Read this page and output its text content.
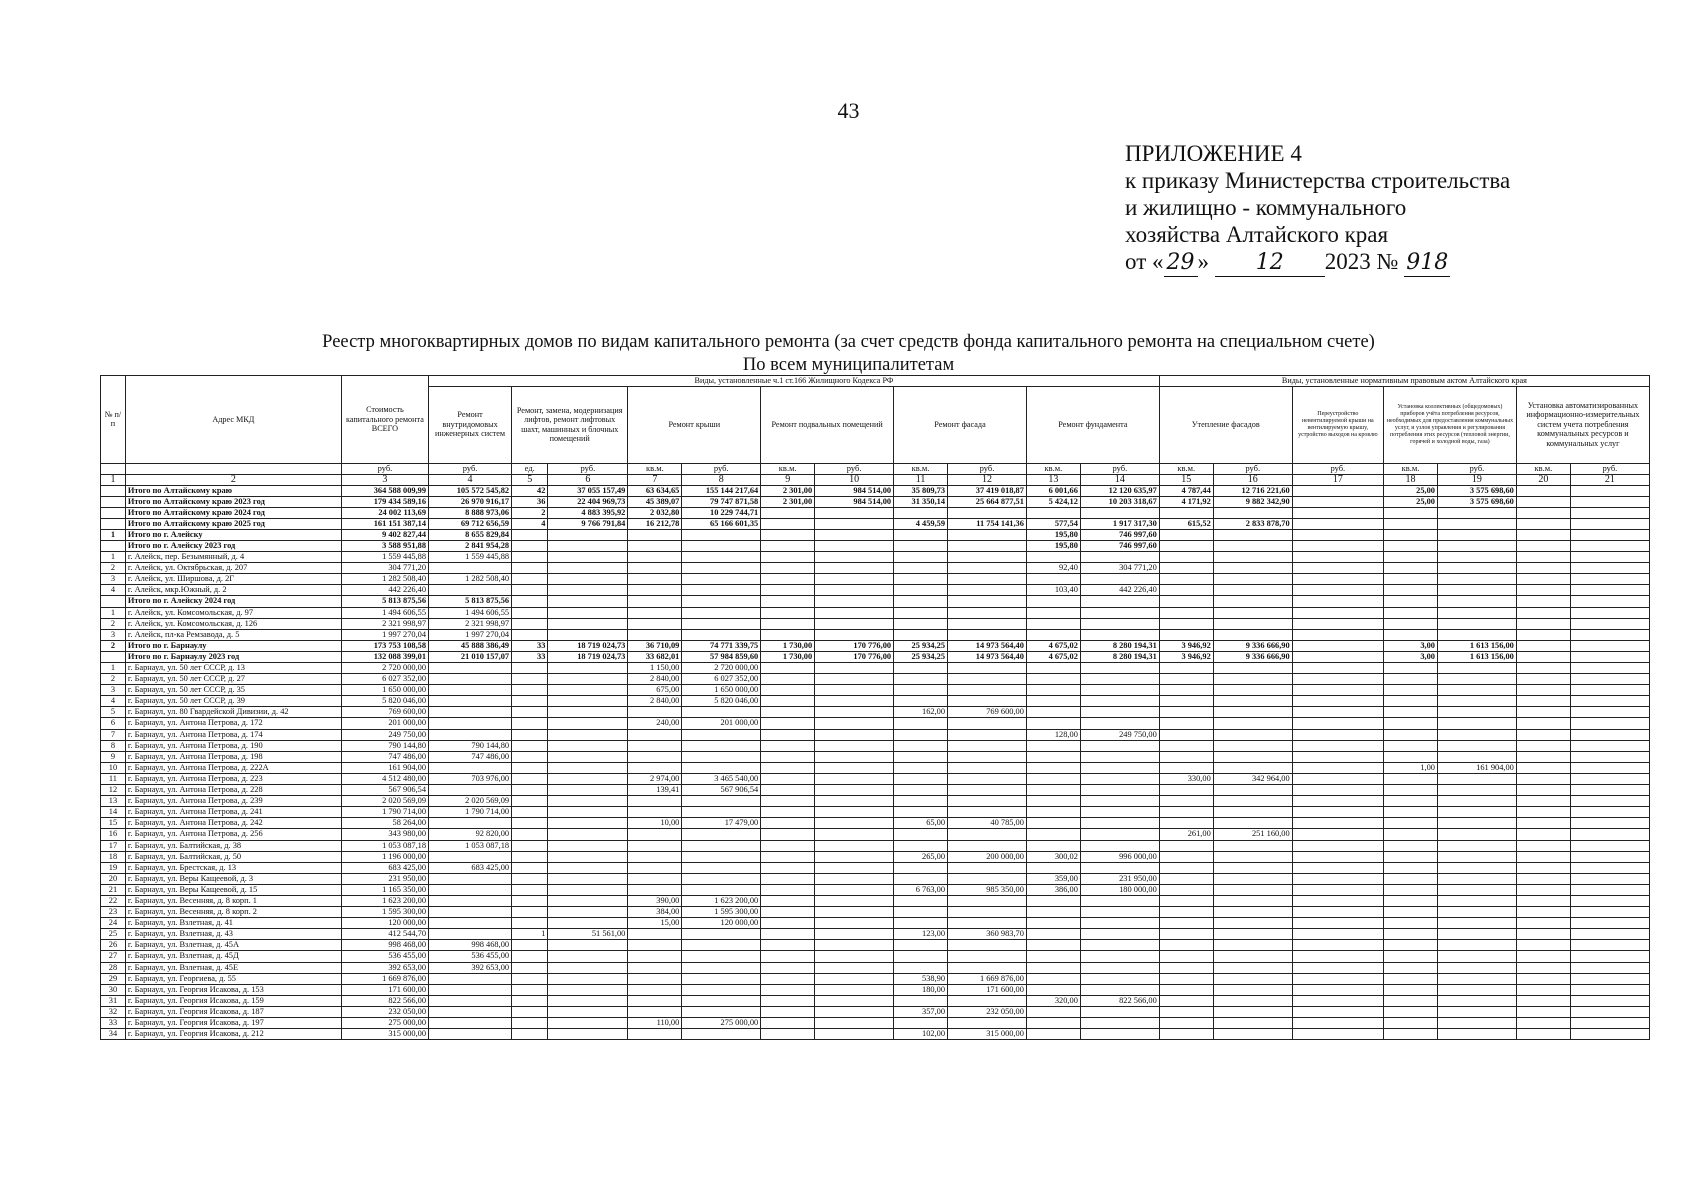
43
ПРИЛОЖЕНИЕ 4
к приказу Министерства строительства
и жилищно - коммунального
хозяйства Алтайского края
от « 29 » 12 2023 № 918
Реестр многоквартирных домов по видам капитального ремонта (за счет средств фонда капитального ремонта на специальном счете)
По всем муниципалитетам
№ п/п	Адрес МКД	Стоимость капитального ремонта ВСЕГО	Виды, установленные ч.1 ст.166 Жилищного Кодекса РФ											Виды, установленные нормативным правовым актом Алтайского края						
			Ремонт внутридомовых инженерных систем	Ремонт, замена, модернизация лифтов, ремонт лифтовых шахт, машинных и блочных помещений		Ремонт крыши		Ремонт подвальных помещений		Ремонт фасада		Ремонт фундамента		Утепление фасадов		Переустройство невентилируемой крыши на вентилируемую крышу, устройство выходов на кровлю	Установка коллективных (общедомовых) приборов учёта потребления ресурсов, необходимых для предоставления коммунальных услуг, и узлов управления и регулирования потребления этих ресурсов (тепловой энергии, горячей и холодной воды, газа)		Установка автоматизированных информационно-измерительных систем учета потребления коммунальных ресурсов и коммунальных услуг	
		руб.	руб.	ед.	руб.	кв.м.	руб.	кв.м.	руб.	кв.м.	руб.	кв.м.	руб.	кв.м.	руб.	руб.	кв.м.	руб.	кв.м.	руб.
1	2	3	4	5	6	7	8	9	10	11	12	13	14	15	16	17	18	19	20	21
	Итого по Алтайскому краю	364 588 009,99	105 572 545,82	42	37 055 157,49	63 634,65	155 144 217,64	2 301,00	984 514,00	35 809,73	37 419 018,87	6 001,66	12 120 635,97	4 787,44	12 716 221,60		25,00	3 575 698,60		
	Итого по Алтайскому краю 2023 год	179 434 589,16	26 970 916,17	36	22 404 969,73	45 389,07	79 747 871,58	2 301,00	984 514,00	31 350,14	25 664 877,51	5 424,12	10 203 318,67	4 171,92	9 882 342,90		25,00	3 575 698,60		
	Итого по Алтайскому краю 2024 год	24 002 113,69	8 888 973,06	2	4 883 395,92	2 032,80	10 229 744,71													
	Итого по Алтайскому краю 2025 год	161 151 387,14	69 712 656,59	4	9 766 791,84	16 212,78	65 166 601,35			4 459,59	11 754 141,36	577,54	1 917 317,30	615,52	2 833 878,70					
1	Итого по г. Алейску	9 402 827,44	8 655 829,84									195,80	746 997,60							
	Итого по г. Алейску 2023 год	3 588 951,88	2 841 954,28									195,80	746 997,60							
1	г. Алейск, пер. Безымянный, д. 4	1 559 445,88	1 559 445,88																	
2	г. Алейск, ул. Октябрьская, д. 207	304 771,20										92,40	304 771,20							
3	г. Алейск, ул. Ширшова, д. 2Г	1 282 508,40	1 282 508,40																	
4	г. Алейск, мкр.Южный, д. 2	442 226,40										103,40	442 226,40							
	Итого по г. Алейску 2024 год	5 813 875,56	5 813 875,56																	
1	г. Алейск, ул. Комсомольская, д. 97	1 494 606,55	1 494 606,55																	
2	г. Алейск, ул. Комсомольская, д. 126	2 321 998,97	2 321 998,97																	
3	г. Алейск, пл-ка Ремзавода, д. 5	1 997 270,04	1 997 270,04																	
2	Итого по г. Барнаулу	173 753 108,58	45 888 386,49	33	18 719 024,73	36 710,09	74 771 339,75	1 730,00	170 776,00	25 934,25	14 973 564,40	4 675,02	8 280 194,31	3 946,92	9 336 666,90		3,00	1 613 156,00		
	Итого по г. Барнаулу 2023 год	132 088 399,01	21 010 157,07	33	18 719 024,73	33 682,01	57 984 859,60	1 730,00	170 776,00	25 934,25	14 973 564,40	4 675,02	8 280 194,31	3 946,92	9 336 666,90		3,00	1 613 156,00		
1	г. Барнаул, ул. 50 лет СССР, д. 13	2 720 000,00				1 150,00	2 720 000,00													
2	г. Барнаул, ул. 50 лет СССР, д. 27	6 027 352,00				2 840,00	6 027 352,00													
3	г. Барнаул, ул. 50 лет СССР, д. 35	1 650 000,00				675,00	1 650 000,00													
4	г. Барнаул, ул. 50 лет СССР, д. 39	5 820 046,00				2 840,00	5 820 046,00													
5	г. Барнаул, ул. 80 Гвардейской Дивизии, д. 42	769 600,00								162,00	769 600,00									
6	г. Барнаул, ул. Антона Петрова, д. 172	201 000,00				240,00	201 000,00													
7	г. Барнаул, ул. Антона Петрова, д. 174	249 750,00										128,00	249 750,00							
8	г. Барнаул, ул. Антона Петрова, д. 190	790 144,80	790 144,80																	
9	г. Барнаул, ул. Антона Петрова, д. 198	747 486,00	747 486,00																	
10	г. Барнаул, ул. Антона Петрова, д. 222А	161 904,00															1,00	161 904,00		
11	г. Барнаул, ул. Антона Петрова, д. 223	4 512 480,00	703 976,00			2 974,00	3 465 540,00							330,00	342 964,00					
12	г. Барнаул, ул. Антона Петрова, д. 228	567 906,54				139,41	567 906,54													
13	г. Барнаул, ул. Антона Петрова, д. 239	2 020 569,09	2 020 569,09																	
14	г. Барнаул, ул. Антона Петрова, д. 241	1 790 714,00	1 790 714,00																	
15	г. Барнаул, ул. Антона Петрова, д. 242	58 264,00				10,00	17 479,00			65,00	40 785,00									
16	г. Барнаул, ул. Антона Петрова, д. 256	343 980,00	92 820,00											261,00	251 160,00					
17	г. Барнаул, ул. Балтийская, д. 38	1 053 087,18	1 053 087,18																	
18	г. Барнаул, ул. Балтийская, д. 50	1 196 000,00								265,00	200 000,00	300,02	996 000,00							
19	г. Барнаул, ул. Брестская, д. 13	683 425,00	683 425,00																	
20	г. Барнаул, ул. Веры Кащеевой, д. 3	231 950,00										359,00	231 950,00							
21	г. Барнаул, ул. Веры Кащеевой, д. 15	1 165 350,00								6 763,00	985 350,00	386,00	180 000,00							
22	г. Барнаул, ул. Весенняя, д. 8 корп. 1	1 623 200,00				390,00	1 623 200,00													
23	г. Барнаул, ул. Весенняя, д. 8 корп. 2	1 595 300,00				384,00	1 595 300,00													
24	г. Барнаул, ул. Взлетная, д. 41	120 000,00				15,00	120 000,00													
25	г. Барнаул, ул. Взлетная, д. 43	412 544,70		1	51 561,00					123,00	360 983,70									
26	г. Барнаул, ул. Взлетная, д. 45А	998 468,00	998 468,00																	
27	г. Барнаул, ул. Взлетная, д. 45Д	536 455,00	536 455,00																	
28	г. Барнаул, ул. Взлетная, д. 45Е	392 653,00	392 653,00																	
29	г. Барнаул, ул. Георгиева, д. 55	1 669 876,00								538,90	1 669 876,00									
30	г. Барнаул, ул. Георгия Исакова, д. 153	171 600,00								180,00	171 600,00									
31	г. Барнаул, ул. Георгия Исакова, д. 159	822 566,00										320,00	822 566,00							
32	г. Барнаул, ул. Георгия Исакова, д. 187	232 050,00								357,00	232 050,00									
33	г. Барнаул, ул. Георгия Исакова, д. 197	275 000,00				110,00	275 000,00													
34	г. Барнаул, ул. Георгия Исакова, д. 212	315 000,00								102,00	315 000,00									
